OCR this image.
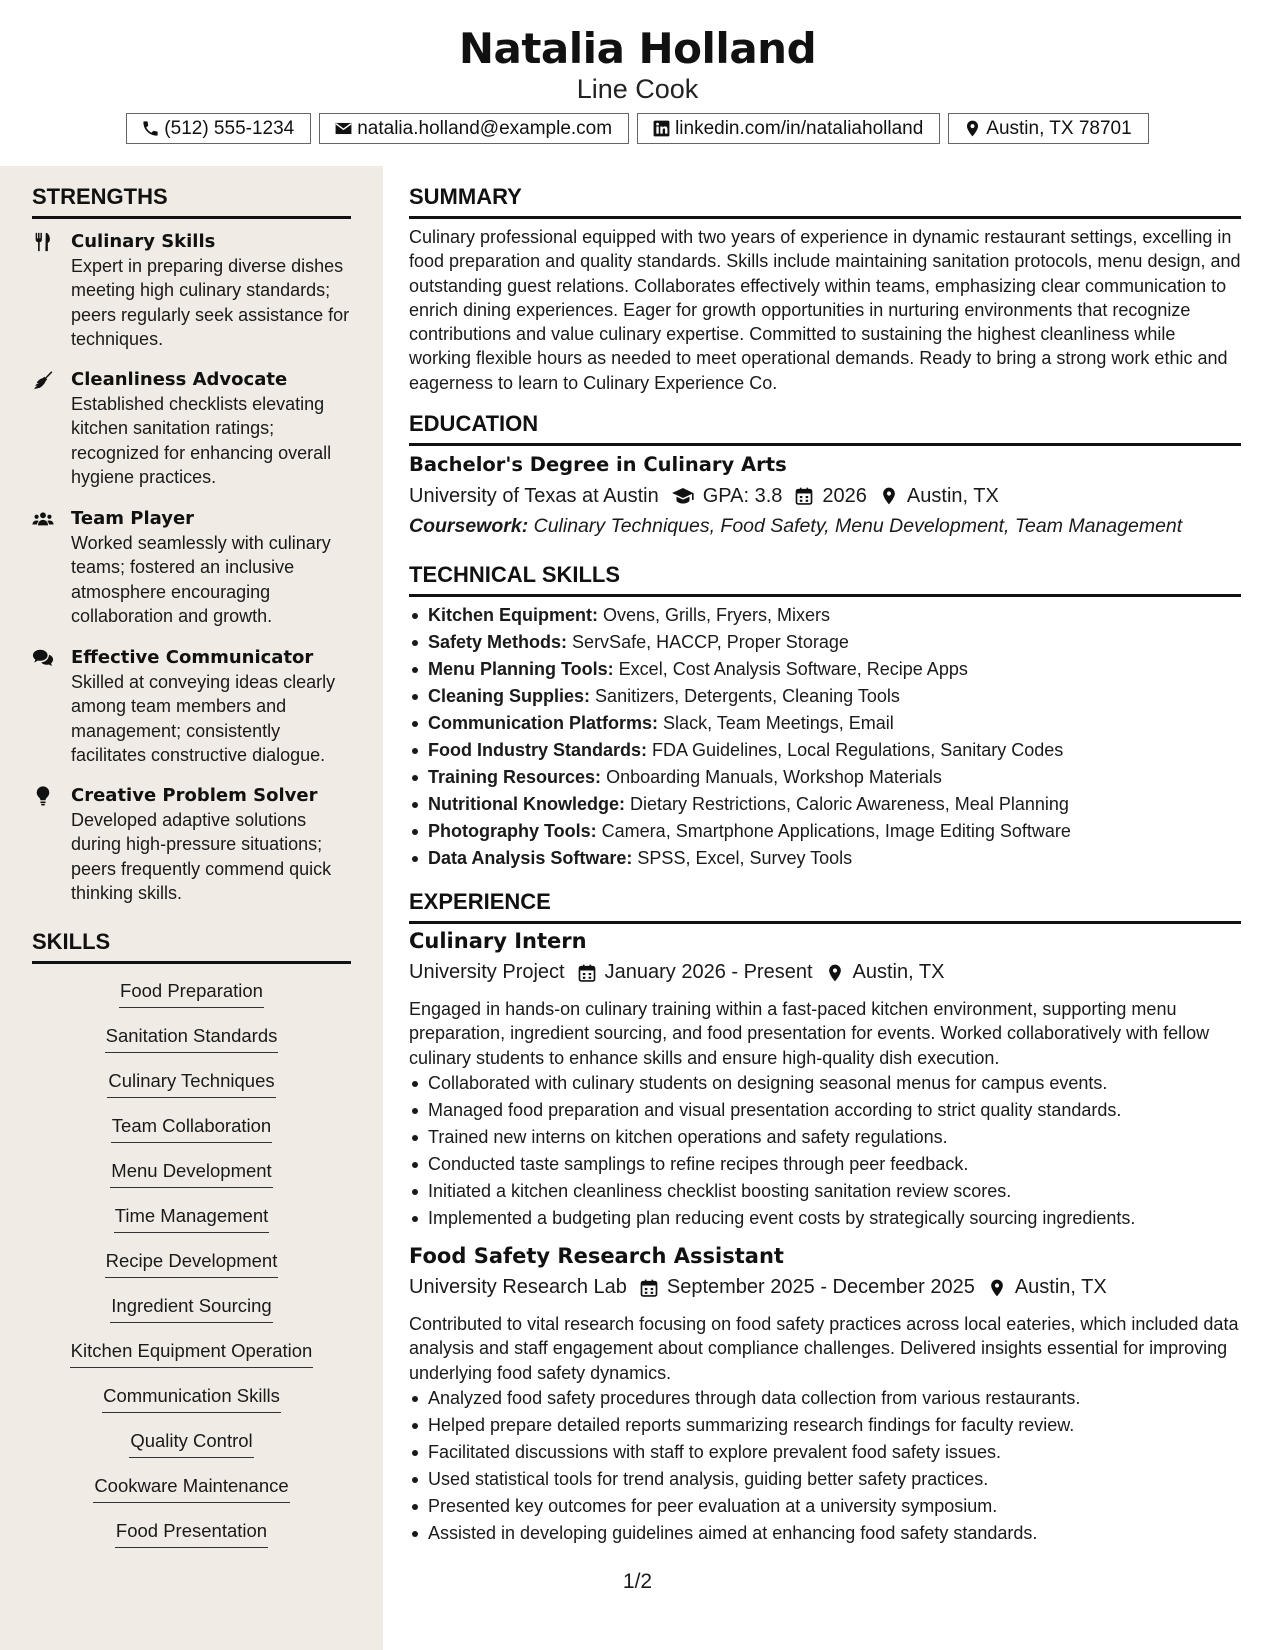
Natalia Holland
Line Cook
(512) 555-1234	natalia.holland@example.com	linkedin.com/in/nataliaholland	Austin, TX 78701
STRENGTHS
Culinary Skills
Expert in preparing diverse dishes meeting high culinary standards; peers regularly seek assistance for techniques.
Cleanliness Advocate
Established checklists elevating kitchen sanitation ratings; recognized for enhancing overall hygiene practices.
Team Player
Worked seamlessly with culinary teams; fostered an inclusive atmosphere encouraging collaboration and growth.
Effective Communicator
Skilled at conveying ideas clearly among team members and management; consistently facilitates constructive dialogue.
Creative Problem Solver
Developed adaptive solutions during high-pressure situations; peers frequently commend quick thinking skills.
SKILLS
Food Preparation
Sanitation Standards
Culinary Techniques
Team Collaboration
Menu Development
Time Management
Recipe Development
Ingredient Sourcing
Kitchen Equipment Operation
Communication Skills
Quality Control
Cookware Maintenance
Food Presentation
SUMMARY
Culinary professional equipped with two years of experience in dynamic restaurant settings, excelling in food preparation and quality standards. Skills include maintaining sanitation protocols, menu design, and outstanding guest relations. Collaborates effectively within teams, emphasizing clear communication to enrich dining experiences. Eager for growth opportunities in nurturing environments that recognize contributions and value culinary expertise. Committed to sustaining the highest cleanliness while working flexible hours as needed to meet operational demands. Ready to bring a strong work ethic and eagerness to learn to Culinary Experience Co.
EDUCATION
Bachelor's Degree in Culinary Arts
University of Texas at Austin GPA: 3.8 2026 Austin, TX
Coursework: Culinary Techniques, Food Safety, Menu Development, Team Management
TECHNICAL SKILLS
Kitchen Equipment: Ovens, Grills, Fryers, Mixers
Safety Methods: ServSafe, HACCP, Proper Storage
Menu Planning Tools: Excel, Cost Analysis Software, Recipe Apps
Cleaning Supplies: Sanitizers, Detergents, Cleaning Tools
Communication Platforms: Slack, Team Meetings, Email
Food Industry Standards: FDA Guidelines, Local Regulations, Sanitary Codes
Training Resources: Onboarding Manuals, Workshop Materials
Nutritional Knowledge: Dietary Restrictions, Caloric Awareness, Meal Planning
Photography Tools: Camera, Smartphone Applications, Image Editing Software
Data Analysis Software: SPSS, Excel, Survey Tools
EXPERIENCE
Culinary Intern
University Project January 2026 - Present Austin, TX
Engaged in hands-on culinary training within a fast-paced kitchen environment, supporting menu preparation, ingredient sourcing, and food presentation for events. Worked collaboratively with fellow culinary students to enhance skills and ensure high-quality dish execution.
Collaborated with culinary students on designing seasonal menus for campus events.
Managed food preparation and visual presentation according to strict quality standards.
Trained new interns on kitchen operations and safety regulations.
Conducted taste samplings to refine recipes through peer feedback.
Initiated a kitchen cleanliness checklist boosting sanitation review scores.
Implemented a budgeting plan reducing event costs by strategically sourcing ingredients.
Food Safety Research Assistant
University Research Lab September 2025 - December 2025 Austin, TX
Contributed to vital research focusing on food safety practices across local eateries, which included data analysis and staff engagement about compliance challenges. Delivered insights essential for improving underlying food safety dynamics.
Analyzed food safety procedures through data collection from various restaurants.
Helped prepare detailed reports summarizing research findings for faculty review.
Facilitated discussions with staff to explore prevalent food safety issues.
Used statistical tools for trend analysis, guiding better safety practices.
Presented key outcomes for peer evaluation at a university symposium.
Assisted in developing guidelines aimed at enhancing food safety standards.
1/2
